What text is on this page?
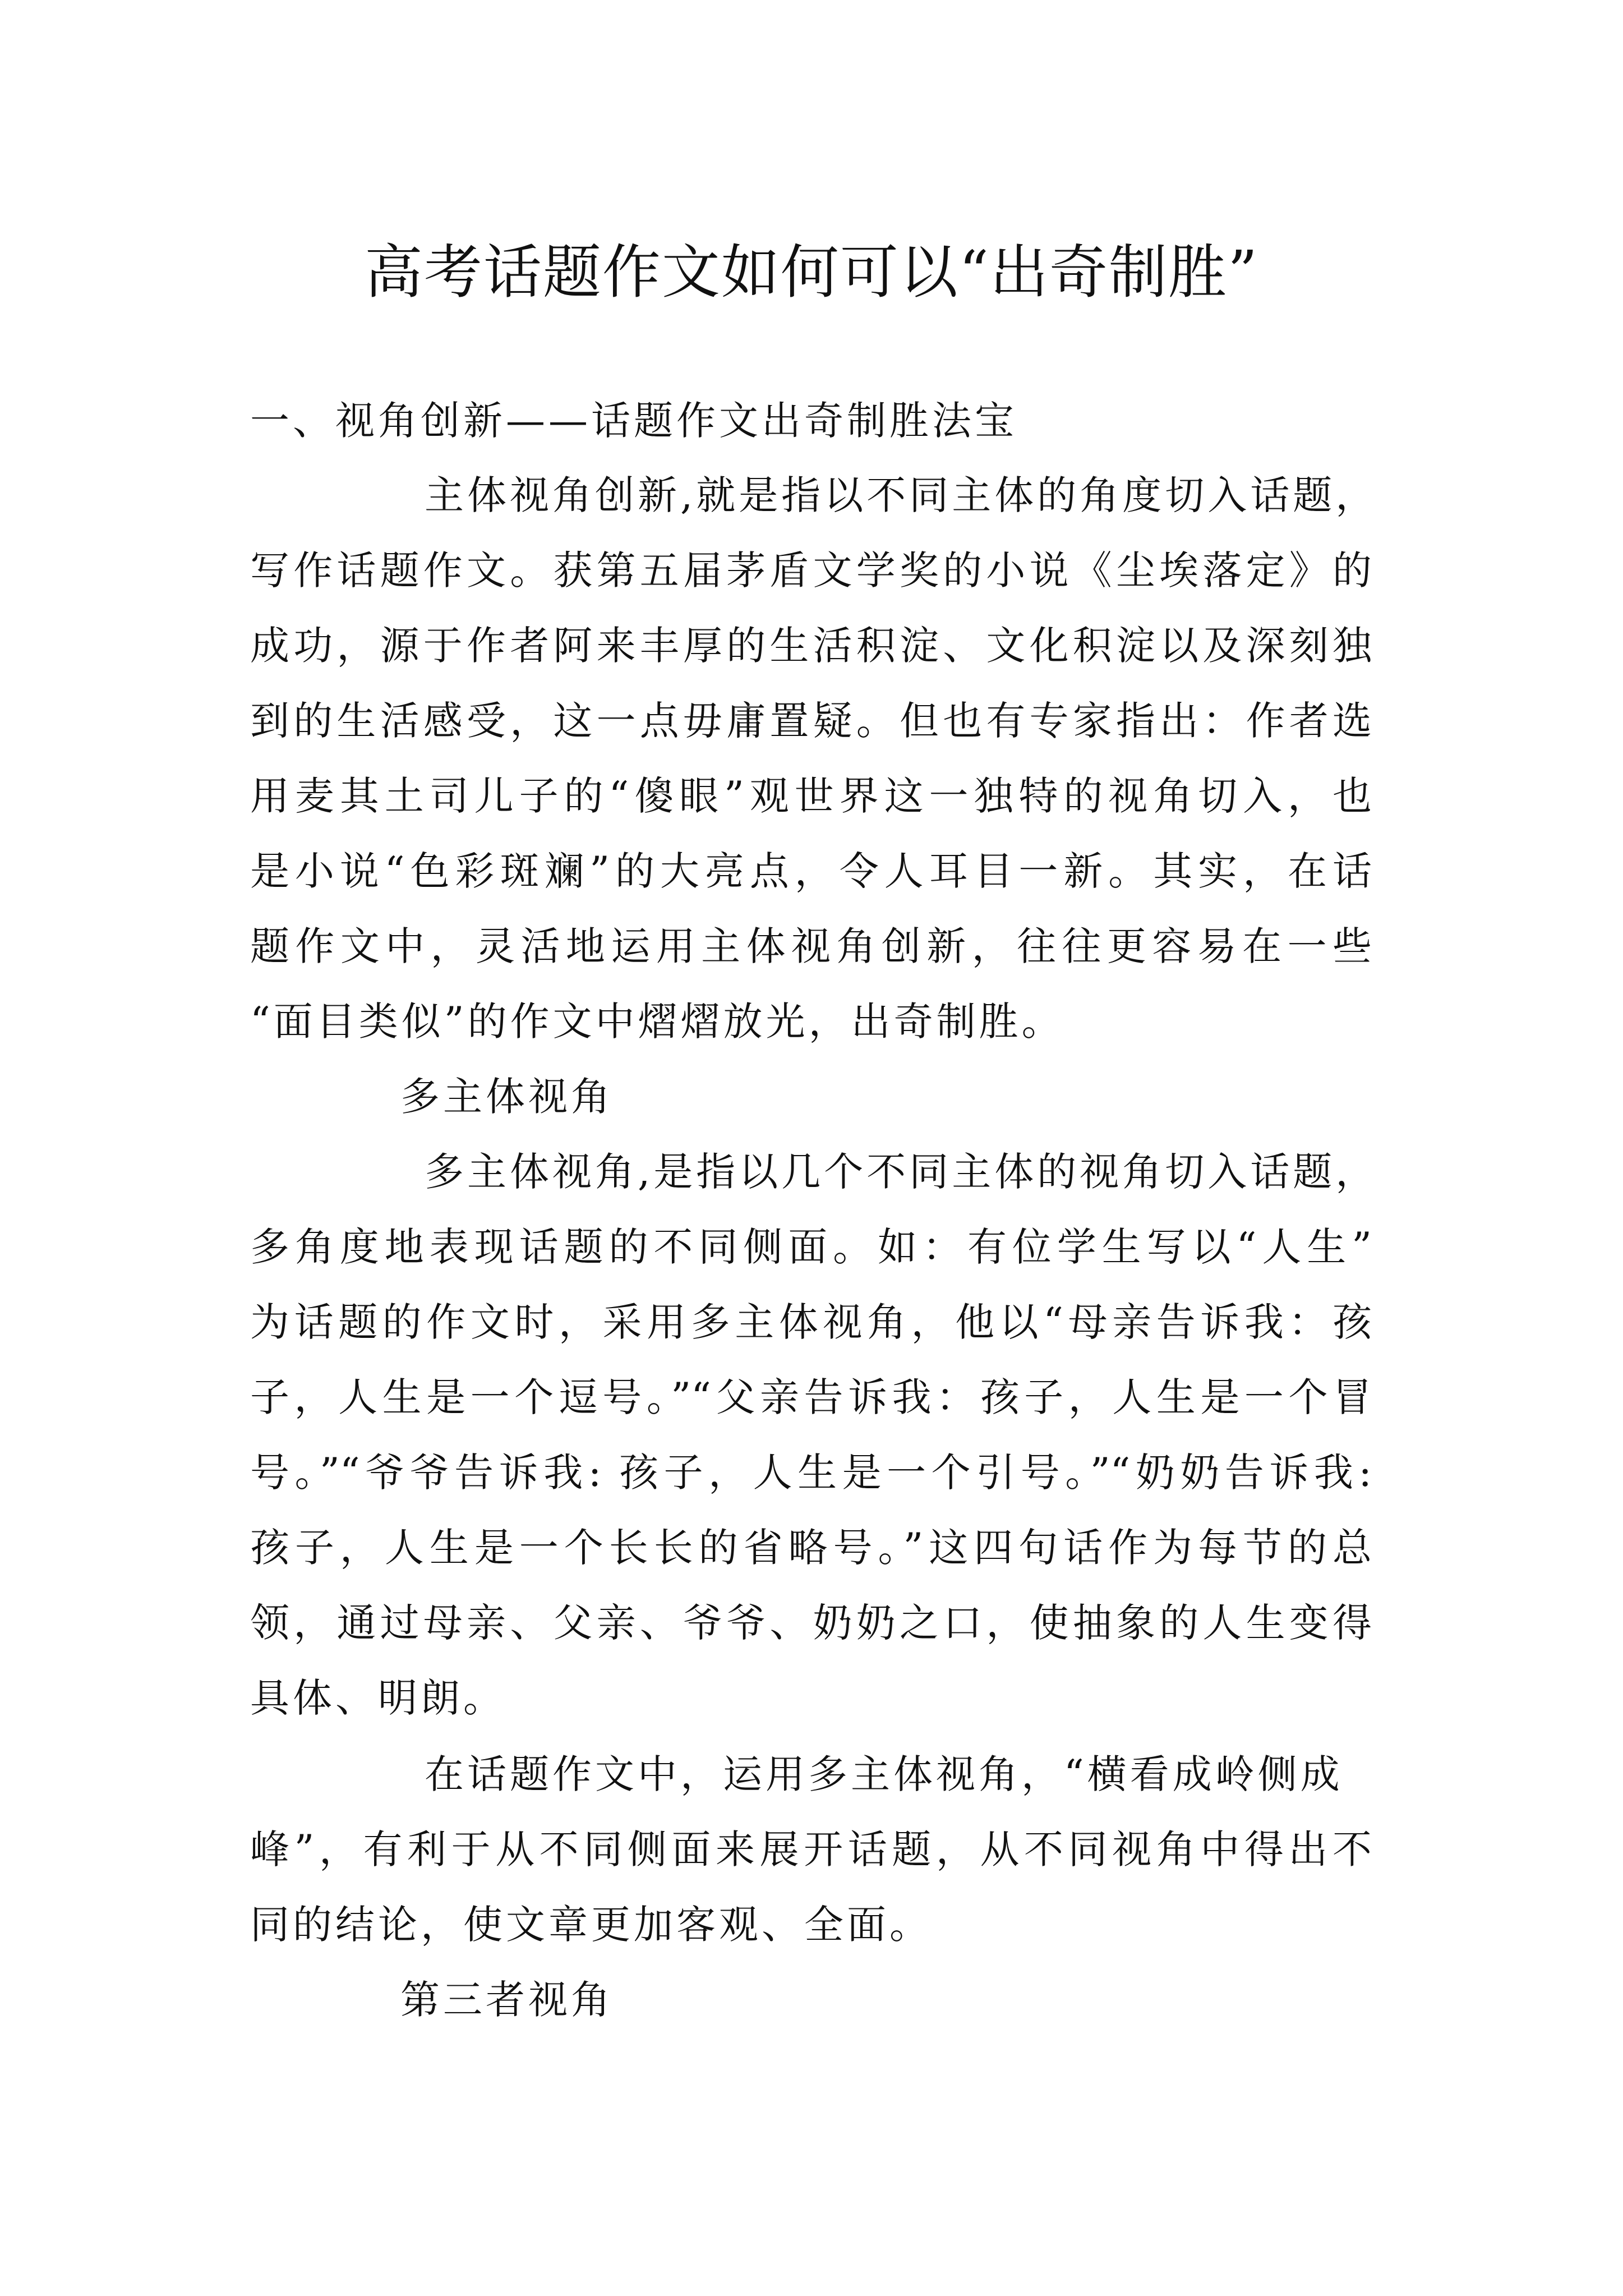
高考话题作文如何可以“出奇制胜”
一、视角创新——话题作文出奇制胜法宝
主体视角创新,就是指以不同主体的角度切入话题，
写作话题作文。获第五届茅盾文学奖的小说《尘埃落定》的
成功，源于作者阿来丰厚的生活积淀、文化积淀以及深刻独
到的生活感受，这一点毋庸置疑。但也有专家指出：作者选
用麦其土司儿子的“傻眼”观世界这一独特的视角切入，也
是小说“色彩斑斓”的大亮点，令人耳目一新。其实，在话
题作文中，灵活地运用主体视角创新，往往更容易在一些
“面目类似”的作文中熠熠放光，出奇制胜。
多主体视角
多主体视角,是指以几个不同主体的视角切入话题，
多角度地表现话题的不同侧面。如：有位学生写以“人生”
为话题的作文时，采用多主体视角，他以“母亲告诉我：孩
子，人生是一个逗号。”“父亲告诉我：孩子，人生是一个冒
号。”“爷爷告诉我: 孩子，人生是一个引号。”“奶奶告诉我:
孩子，人生是一个长长的省略号。”这四句话作为每节的总
领，通过母亲、父亲、爷爷、奶奶之口，使抽象的人生变得
具体、明朗。
在话题作文中，运用多主体视角，“横看成岭侧成
峰”，有利于从不同侧面来展开话题，从不同视角中得出不
同的结论，使文章更加客观、全面。
第三者视角
